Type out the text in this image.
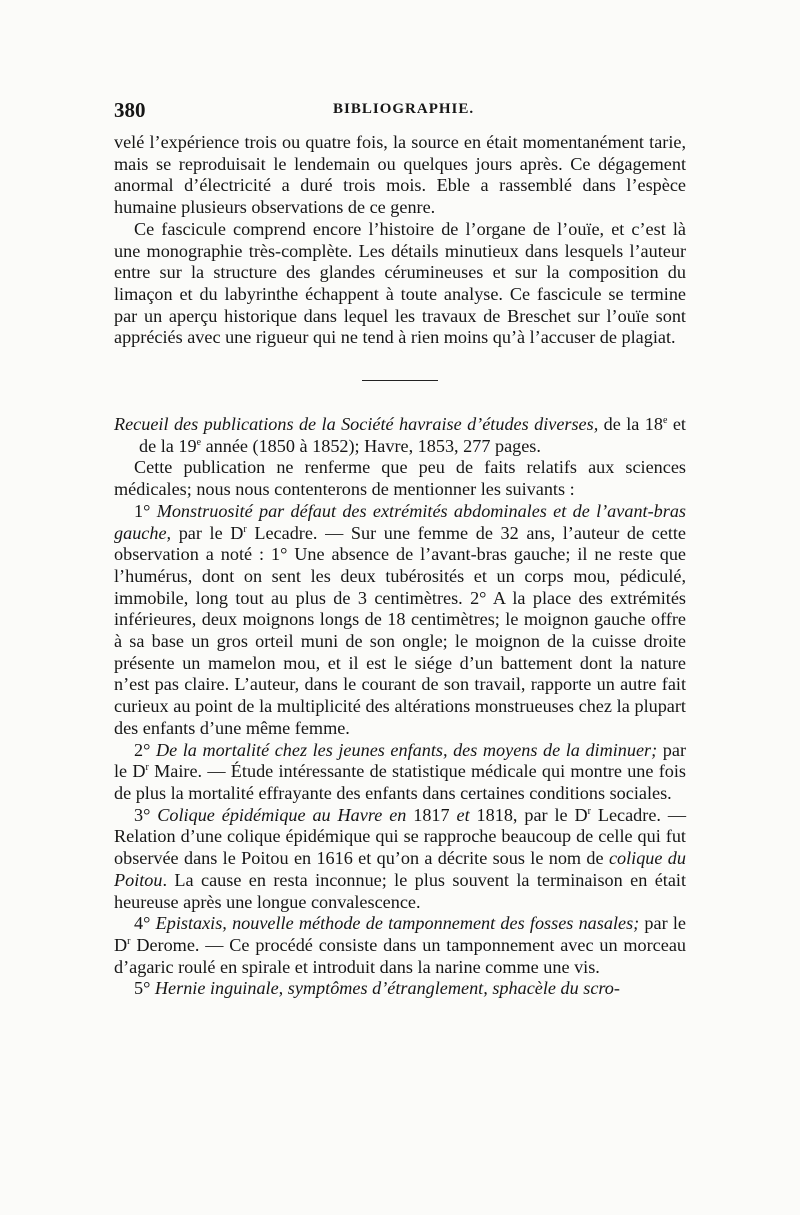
380	BIBLIOGRAPHIE.

velé l’expérience trois ou quatre fois, la source en était momentanément tarie, mais se reproduisait le lendemain ou quelques jours après. Ce dégagement anormal d’électricité a duré trois mois. Eble a rassemblé dans l’espèce humaine plusieurs observations de ce genre.

Ce fascicule comprend encore l’histoire de l’organe de l’ouïe, et c’est là une monographie très-complète. Les détails minutieux dans lesquels l’auteur entre sur la structure des glandes cérumineuses et sur la composition du limaçon et du labyrinthe échappent à toute analyse. Ce fascicule se termine par un aperçu historique dans lequel les travaux de Breschet sur l’ouïe sont appréciés avec une rigueur qui ne tend à rien moins qu’à l’accuser de plagiat.

Recueil des publications de la Société havraise d’études diverses, de la 18e et de la 19e année (1850 à 1852); Havre, 1853, 277 pages.

Cette publication ne renferme que peu de faits relatifs aux sciences médicales; nous nous contenterons de mentionner les suivants :

1° Monstruosité par défaut des extrémités abdominales et de l’avant-bras gauche, par le $D^r$ Lecadre. — Sur une femme de 32 ans, l’auteur de cette observation a noté : 1° Une absence de l’avant-bras gauche; il ne reste que l’humérus, dont on sent les deux tubérosités et un corps mou, pédiculé, immobile, long tout au plus de 3 centimètres. 2° A la place des extrémités inférieures, deux moignons longs de 18 centimètres; le moignon gauche offre à sa base un gros orteil muni de son ongle; le moignon de la cuisse droite présente un mamelon mou, et il est le siége d’un battement dont la nature n’est pas claire. L’auteur, dans le courant de son travail, rapporte un autre fait curieux au point de la multiplicité des altérations monstrueuses chez la plupart des enfants d’une même femme.

2° De la mortalité chez les jeunes enfants, des moyens de la diminuer; par le $D^r$ Maire. — Étude intéressante de statistique médicale qui montre une fois de plus la mortalité effrayante des enfants dans certaines conditions sociales.

3° Colique épidémique au Havre en 1817 et 1818, par le $D^r$ Lecadre. — Relation d’une colique épidémique qui se rapproche beaucoup de celle qui fut observée dans le Poitou en 1616 et qu’on a décrite sous le nom de colique du Poitou. La cause en resta inconnue; le plus souvent la terminaison en était heureuse après une longue convalescence.

4° Epistaxis, nouvelle méthode de tamponnement des fosses nasales; par le $D^r$ Derome. — Ce procédé consiste dans un tamponnement avec un morceau d’agaric roulé en spirale et introduit dans la narine comme une vis.

5° Hernie inguinale, symptômes d’étranglement, sphacèle du scro-
